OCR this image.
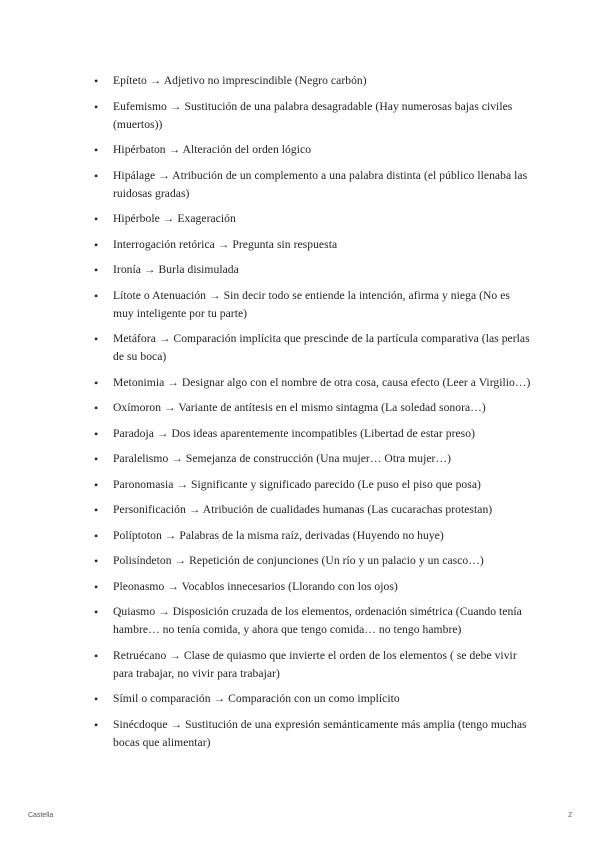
• Epíteto → Adjetivo no imprescindible (Negro carbón)
• Eufemismo → Sustitución de una palabra desagradable (Hay numerosas bajas civiles (muertos))
• Hipérbaton → Alteración del orden lógico
• Hipálage → Atribución de un complemento a una palabra distinta (el público llenaba las ruidosas gradas)
• Hipérbole → Exageración
• Interrogación retórica → Pregunta sin respuesta
• Ironía → Burla disimulada
• Lítote o Atenuación → Sin decir todo se entiende la intención, afirma y niega (No es muy inteligente por tu parte)
• Metáfora → Comparación implícita que prescinde de la partícula comparativa (las perlas de su boca)
• Metonimia → Designar algo con el nombre de otra cosa, causa efecto (Leer a Virgilio…)
• Oxímoron → Variante de antítesis en el mismo sintagma (La soledad sonora…)
• Paradoja → Dos ideas aparentemente incompatibles (Libertad de estar preso)
• Paralelismo → Semejanza de construcción (Una mujer… Otra mujer…)
• Paronomasia → Significante y significado parecido (Le puso el piso que posa)
• Personificación → Atribución de cualidades humanas (Las cucarachas protestan)
• Políptoton → Palabras de la misma raíz, derivadas (Huyendo no huye)
• Polisíndeton → Repetición de conjunciones (Un río y un palacio y un casco…)
• Pleonasmo → Vocablos innecesarios (Llorando con los ojos)
• Quiasmo → Disposición cruzada de los elementos, ordenación simétrica (Cuando tenía hambre… no tenía comida, y ahora que tengo comida… no tengo hambre)
• Retruécano → Clase de quiasmo que invierte el orden de los elementos ( se debe vivir para trabajar, no vivir para trabajar)
• Símil o comparación → Comparación con un como implícito
• Sinécdoque → Sustitución de una expresión semánticamente más amplia (tengo muchas bocas que alimentar)
Castella	2
